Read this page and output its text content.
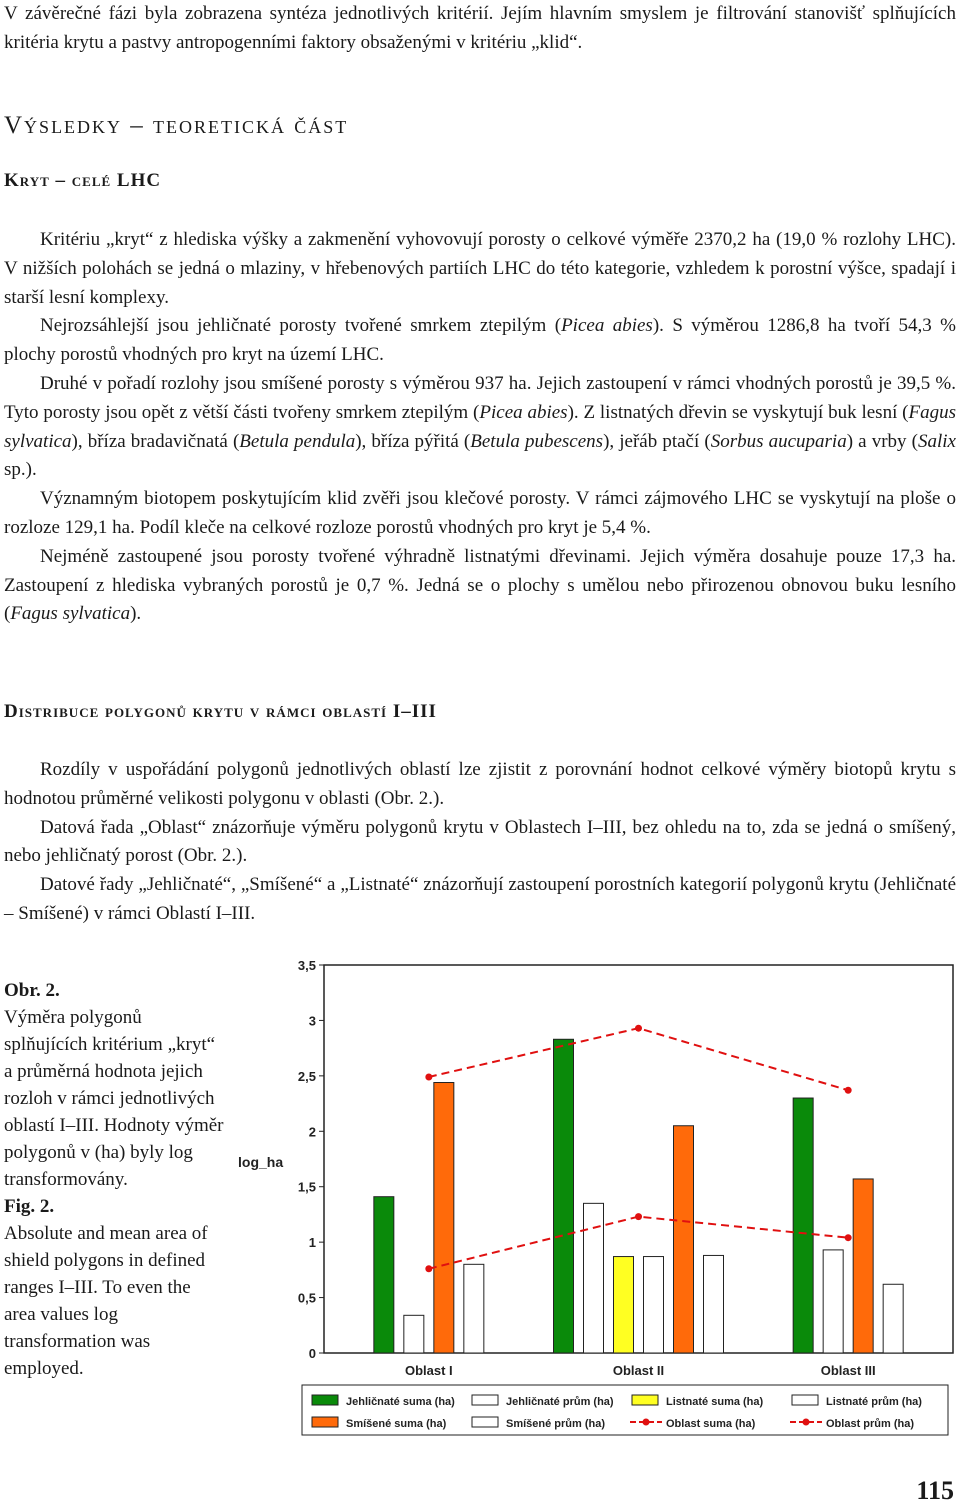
V závěrečné fázi byla zobrazena syntéza jednotlivých kritérií. Jejím hlavním smyslem je filtrování stanovišť splňujících kritéria krytu a pastvy antropogenními faktory obsaženými v kritériu „klid“.

Výsledky – teoretická část
Kryt – celé LHC

Kritériu „kryt“ z hlediska výšky a zakmenění vyhovovují porosty o celkové výměře 2370,2 ha (19,0 % rozlohy LHC). V nižších polohách se jedná o mlaziny, v hřebenových partiích LHC do této kategorie, vzhledem k porostní výšce, spadají i starší lesní komplexy.

Nejrozsáhlejší jsou jehličnaté porosty tvořené smrkem ztepilým (Picea abies). S výměrou 1286,8 ha tvoří 54,3 % plochy porostů vhodných pro kryt na území LHC.

Druhé v pořadí rozlohy jsou smíšené porosty s výměrou 937 ha. Jejich zastoupení v rámci vhodných porostů je 39,5 %. Tyto porosty jsou opět z větší části tvořeny smrkem ztepilým (Picea abies). Z listnatých dřevin se vyskytují buk lesní (Fagus sylvatica), bříza bradavičnatá (Betula pendula), bříza pýřitá (Betula pubescens), jeřáb ptačí (Sorbus aucuparia) a vrby (Salix sp.).

Významným biotopem poskytujícím klid zvěři jsou klečové porosty. V rámci zájmového LHC se vyskytují na ploše o rozloze 129,1 ha. Podíl kleče na celkové rozloze porostů vhodných pro kryt je 5,4 %.

Nejméně zastoupené jsou porosty tvořené výhradně listnatými dřevinami. Jejich výměra dosahuje pouze 17,3 ha. Zastoupení z hlediska vybraných porostů je 0,7 %. Jedná se o plochy s umělou nebo přirozenou obnovou buku lesního (Fagus sylvatica).

Distribuce polygonů krytu v rámci oblastí I–III

Rozdíly v uspořádání polygonů jednotlivých oblastí lze zjistit z porovnání hodnot celkové výměry biotopů krytu s hodnotou průměrné velikosti polygonu v oblasti (Obr. 2.).

Datová řada „Oblast“ znázorňuje výměru polygonů krytu v Oblastech I–III, bez ohledu na to, zda se jedná o smíšený, nebo jehličnatý porost (Obr. 2.).

Datové řady „Jehličnaté“, „Smíšené“ a „Listnaté“ znázorňují zastoupení porostních kategorií polygonů krytu (Jehličnaté – Smíšené) v rámci Oblastí I–III.

Obr. 2.
Výměra polygonů splňujících kritérium „kryt“ a průměrná hodnota jejich rozloh v rámci jednotlivých oblastí I–III. Hodnoty výměr polygonů v (ha) byly log transformovány.
Fig. 2.
Absolute and mean area of shield polygons in defined ranges I–III. To even the area values log transformation was employed.
0
0,5
1
1,5
2
2,5
3
3,5
log_ha
Oblast I	Oblast II	Oblast III
Jehličnaté suma (ha)	Jehličnaté prům (ha)	Listnaté suma (ha)	Listnaté prům (ha)
Smíšené suma (ha)	Smíšené prům (ha)	Oblast suma (ha)	Oblast prům (ha)
115
